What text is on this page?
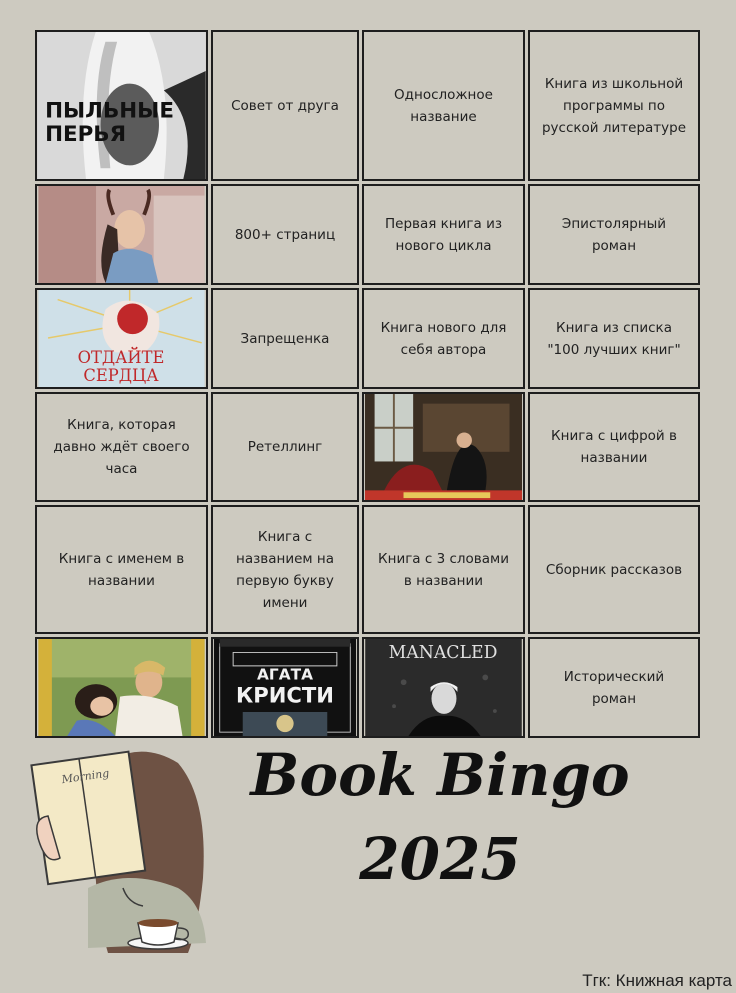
ПЫЛЬНЫЕ
ПЕРЬЯ
Совет от друга
Односложное название
Книга из школьной программы по русской литературе
800+ страниц
Первая книга из нового цикла
Эпистолярный роман
ОТДАЙТЕ
СЕРДЦА
Запрещенка
Книга нового для себя автора
Книга из списка "100 лучших книг"
Книга, которая давно ждёт своего часа
Ретеллинг
Книга с цифрой в названии
Книга с именем в названии
Книга с названием на первую букву имени
Книга с 3 словами в названии
Сборник рассказов
АГАТА
КРИСТИ
MANACLED
Исторический роман
Morning	Book Bingo
2025
Тгк: Книжная карта
